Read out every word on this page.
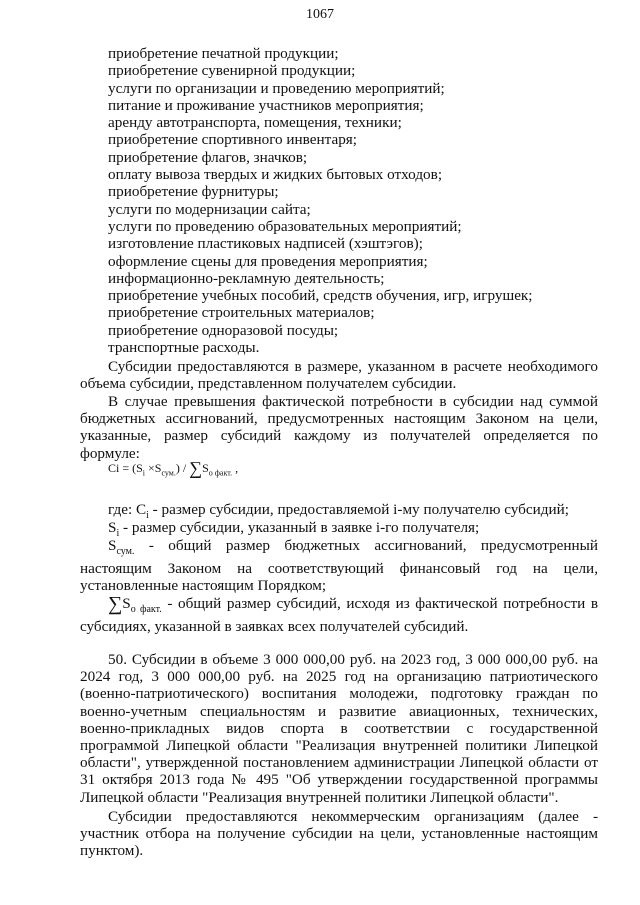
1067
приобретение печатной продукции;
приобретение сувенирной продукции;
услуги по организации и проведению мероприятий;
питание и проживание участников мероприятия;
аренду автотранспорта, помещения, техники;
приобретение спортивного инвентаря;
приобретение флагов, значков;
оплату вывоза твердых и жидких бытовых отходов;
приобретение фурнитуры;
услуги по модернизации сайта;
услуги по проведению образовательных мероприятий;
изготовление пластиковых надписей (хэштэгов);
оформление сцены для проведения мероприятия;
информационно-рекламную деятельность;
приобретение учебных пособий, средств обучения, игр, игрушек;
приобретение строительных материалов;
приобретение одноразовой посуды;
транспортные расходы.
Субсидии предоставляются в размере, указанном в расчете необходимого объема субсидии, представленном получателем субсидии.
В случае превышения фактической потребности в субсидии над суммой бюджетных ассигнований, предусмотренных настоящим Законом на цели, указанные, размер субсидий каждому из получателей определяется по формуле:
$Ci = (S_i \times S_{сум.}) / \sum S_{о факт.}$ ,
где: $C_i$ - размер субсидии, предоставляемой i-му получателю субсидий;
$S_i$ - размер субсидии, указанный в заявке i-го получателя;
$S_{сум.}$ - общий размер бюджетных ассигнований, предусмотренный настоящим Законом на соответствующий финансовый год на цели, установленные настоящим Порядком;
$\sum S_{о факт.}$ - общий размер субсидий, исходя из фактической потребности в субсидиях, указанной в заявках всех получателей субсидий.
50. Субсидии в объеме 3 000 000,00 руб. на 2023 год, 3 000 000,00 руб. на 2024 год, 3 000 000,00 руб. на 2025 год на организацию патриотического (военно-патриотического) воспитания молодежи, подготовку граждан по военно-учетным специальностям и развитие авиационных, технических, военно-прикладных видов спорта в соответствии с государственной программой Липецкой области "Реализация внутренней политики Липецкой области", утвержденной постановлением администрации Липецкой области от 31 октября 2013 года № 495 "Об утверждении государственной программы Липецкой области "Реализация внутренней политики Липецкой области".
Субсидии предоставляются некоммерческим организациям (далее - участник отбора на получение субсидии на цели, установленные настоящим пунктом).
